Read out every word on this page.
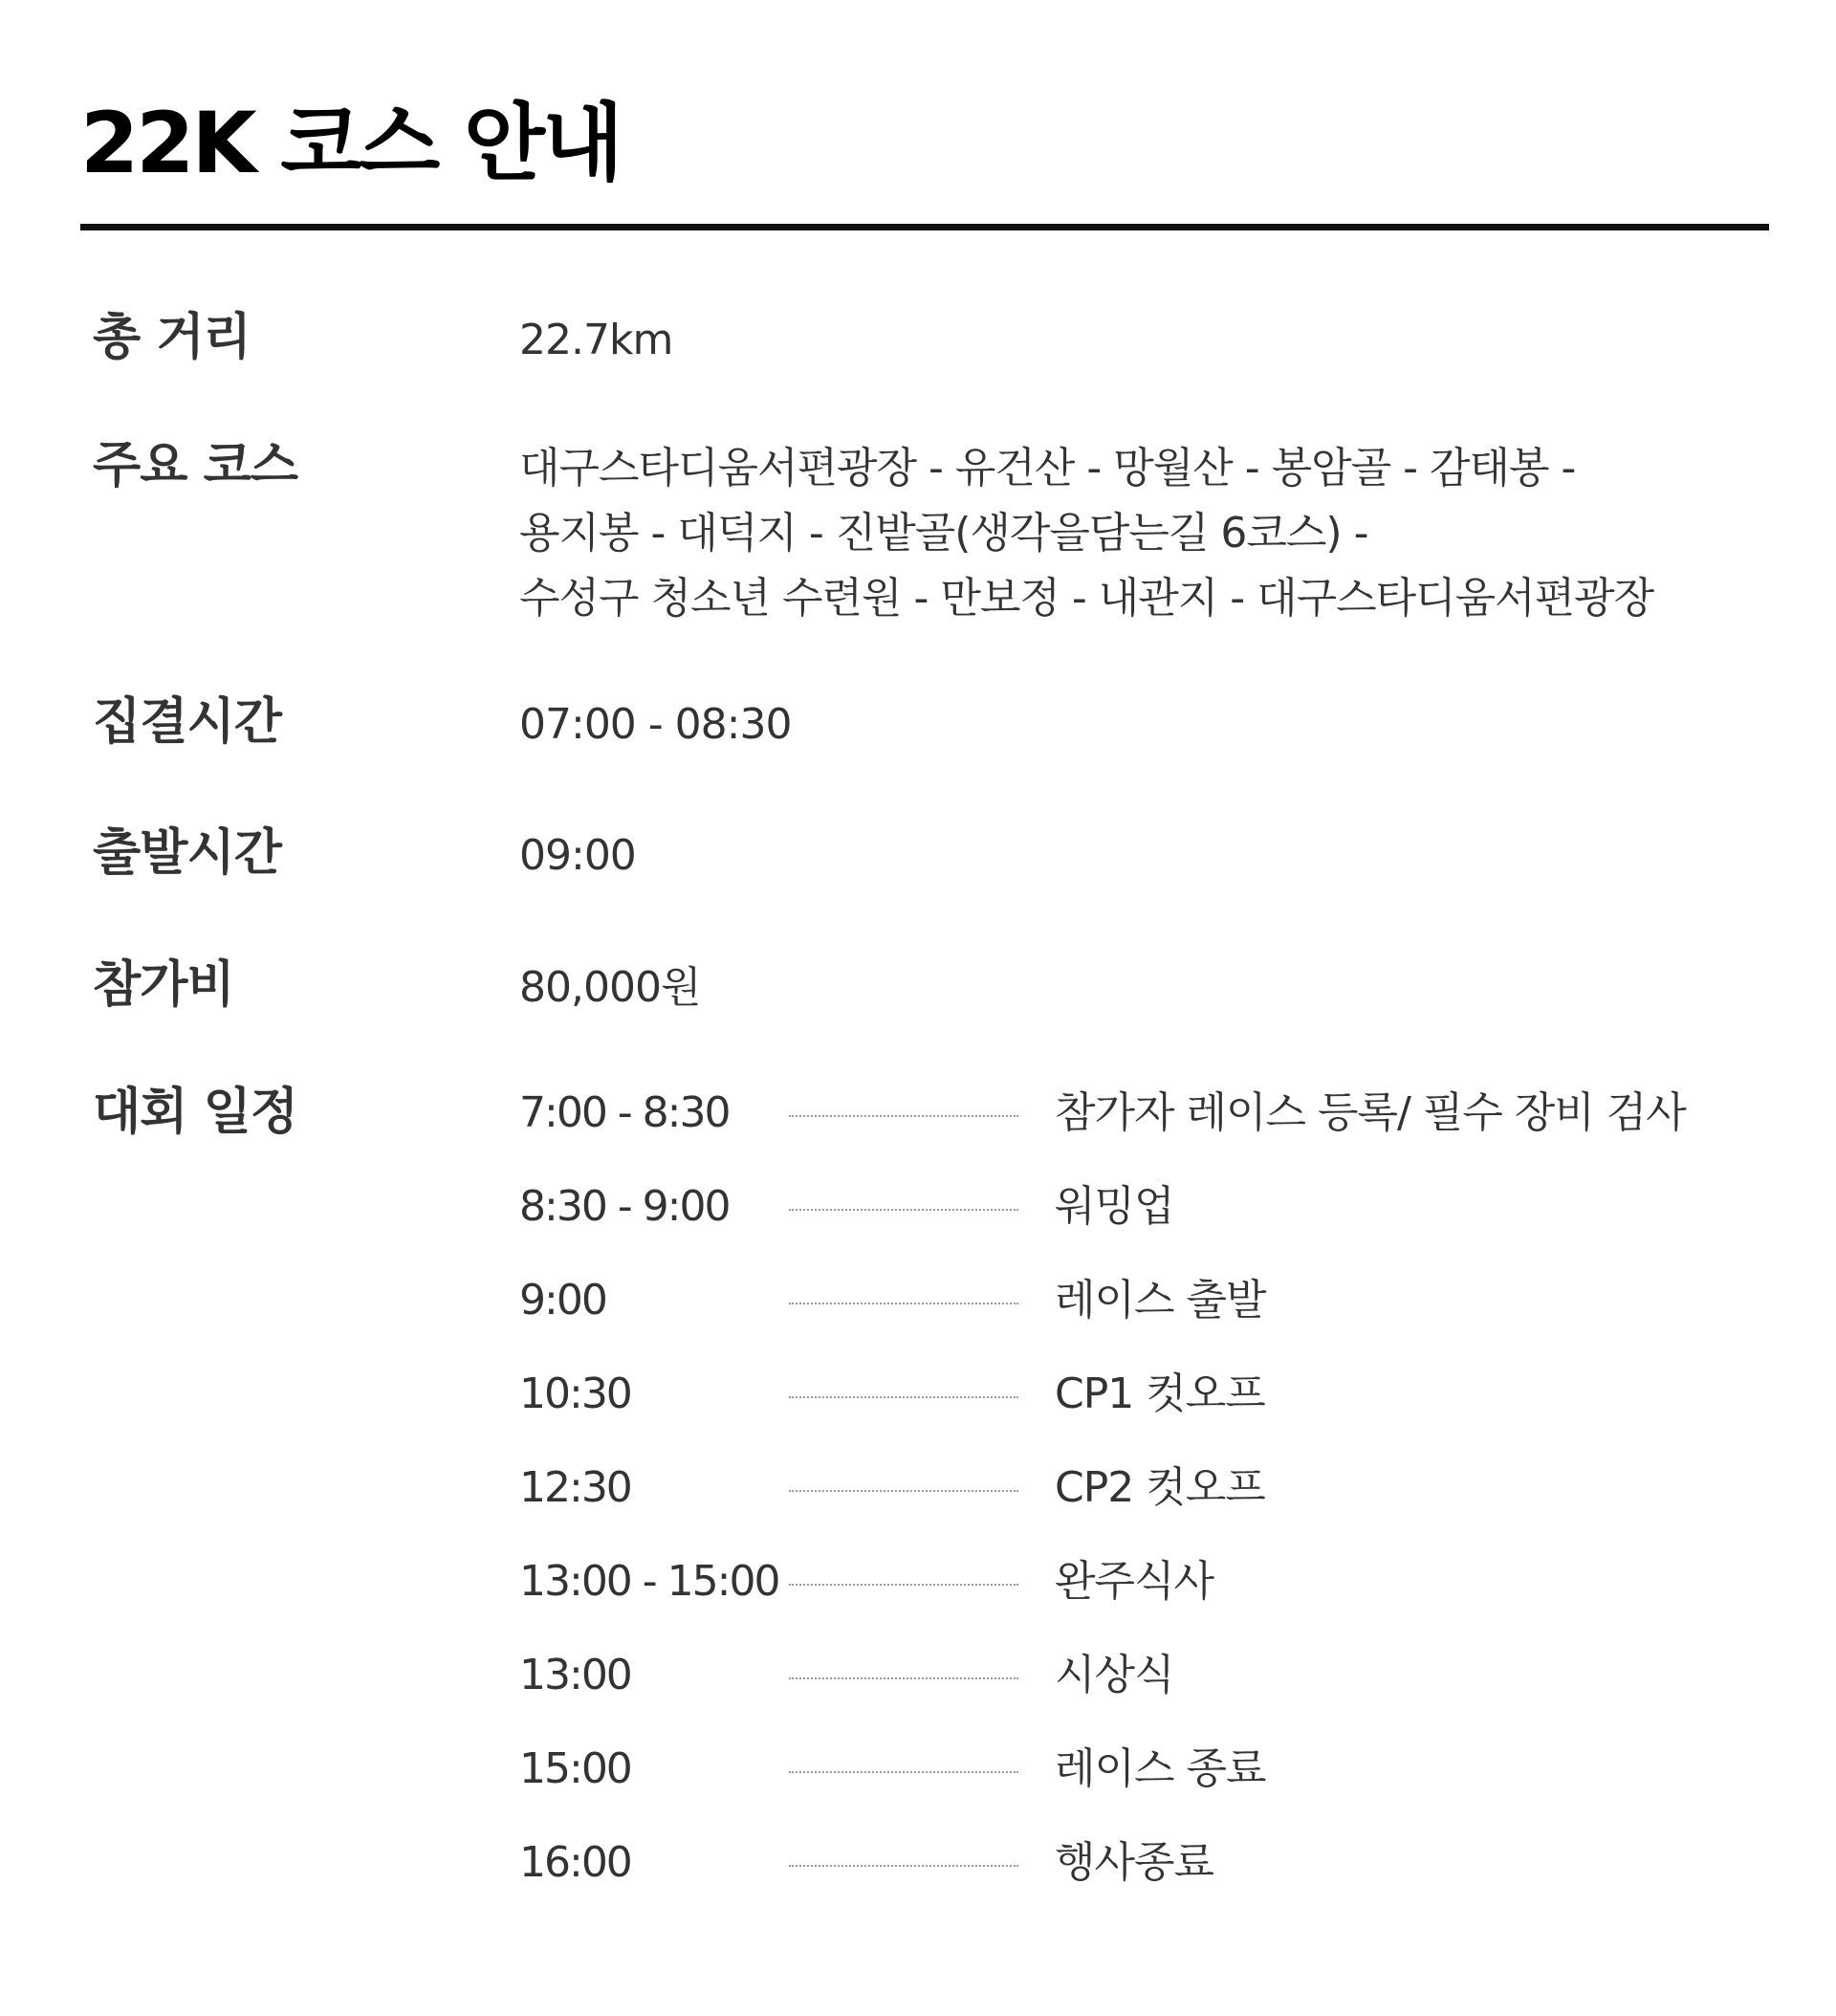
22K 코스 안내
총 거리	22.7km
주요 코스	대구스타디움서편광장 - 유건산 - 망월산 - 봉암골 - 감태봉 -
용지봉 - 대덕지 - 진밭골(생각을담는길 6코스) -
수성구 청소년 수련원 - 만보정 - 내관지 - 대구스타디움서편광장
집결시간	07:00 - 08:30
출발시간	09:00
참가비	80,000원
대회 일정	7:00 - 8:30	참가자 레이스 등록/ 필수 장비 검사
8:30 - 9:00	워밍업
9:00	레이스 출발
10:30	CP1 컷오프
12:30	CP2 컷오프
13:00 - 15:00	완주식사
13:00	시상식
15:00	레이스 종료
16:00	행사종료
